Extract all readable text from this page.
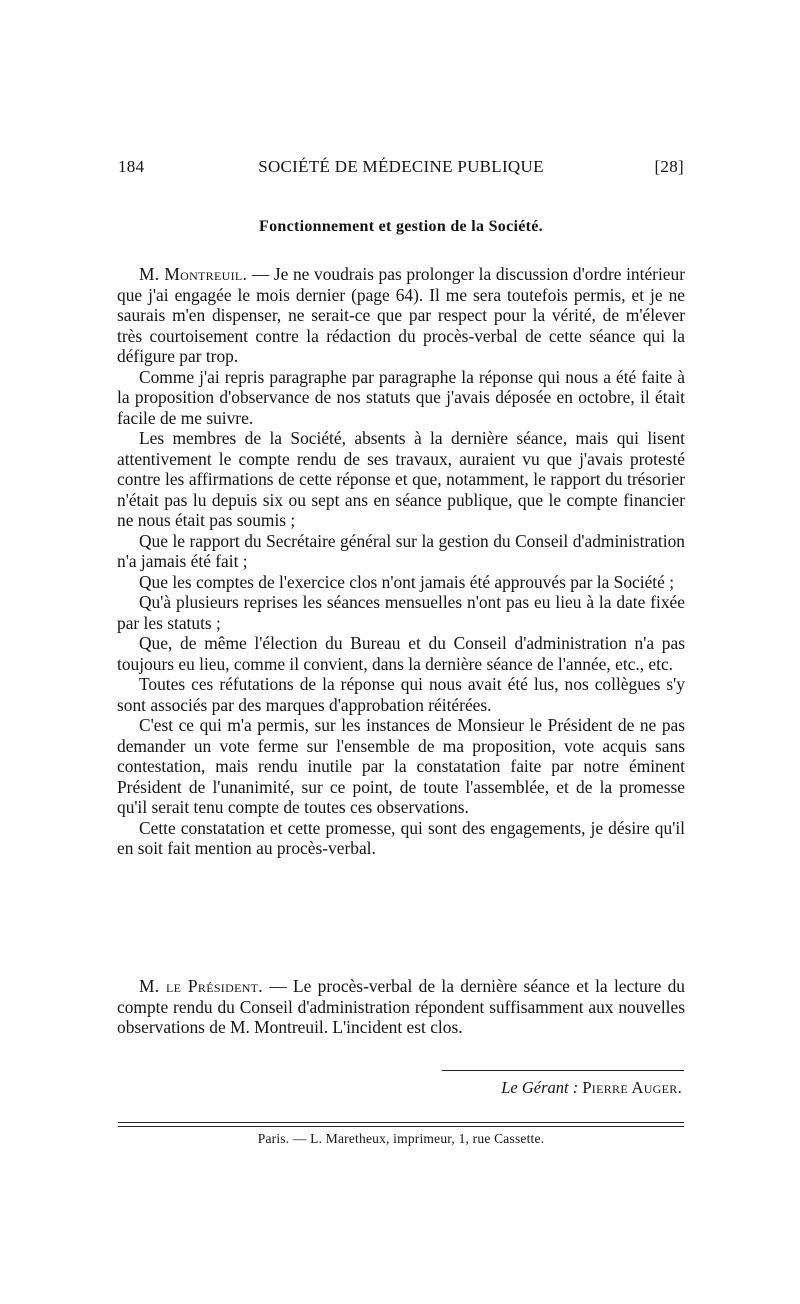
184	SOCIÉTÉ DE MÉDECINE PUBLIQUE	[28]
Fonctionnement et gestion de la Société.

M. Montreuil. — Je ne voudrais pas prolonger la discussion d'ordre intérieur que j'ai engagée le mois dernier (page 64). Il me sera toutefois permis, et je ne saurais m'en dispenser, ne serait-ce que par respect pour la vérité, de m'élever très courtoisement contre la rédaction du procès-verbal de cette séance qui la défigure par trop.

Comme j'ai repris paragraphe par paragraphe la réponse qui nous a été faite à la proposition d'observance de nos statuts que j'avais déposée en octobre, il était facile de me suivre.

Les membres de la Société, absents à la dernière séance, mais qui lisent attentivement le compte rendu de ses travaux, auraient vu que j'avais protesté contre les affirmations de cette réponse et que, notamment, le rapport du trésorier n'était pas lu depuis six ou sept ans en séance publique, que le compte financier ne nous était pas soumis ;

Que le rapport du Secrétaire général sur la gestion du Conseil d'administration n'a jamais été fait ;

Que les comptes de l'exercice clos n'ont jamais été approuvés par la Société ;

Qu'à plusieurs reprises les séances mensuelles n'ont pas eu lieu à la date fixée par les statuts ;

Que, de même l'élection du Bureau et du Conseil d'administration n'a pas toujours eu lieu, comme il convient, dans la dernière séance de l'année, etc., etc.

Toutes ces réfutations de la réponse qui nous avait été lus, nos collègues s'y sont associés par des marques d'approbation réitérées.

C'est ce qui m'a permis, sur les instances de Monsieur le Président de ne pas demander un vote ferme sur l'ensemble de ma proposition, vote acquis sans contestation, mais rendu inutile par la constatation faite par notre éminent Président de l'unanimité, sur ce point, de toute l'assemblée, et de la promesse qu'il serait tenu compte de toutes ces observations.

Cette constatation et cette promesse, qui sont des engagements, je désire qu'il en soit fait mention au procès-verbal.

M. le Président. — Le procès-verbal de la dernière séance et la lecture du compte rendu du Conseil d'administration répondent suffisamment aux nouvelles observations de M. Montreuil. L'incident est clos.

Le Gérant : Pierre Auger.
Paris. — L. Maretheux, imprimeur, 1, rue Cassette.
